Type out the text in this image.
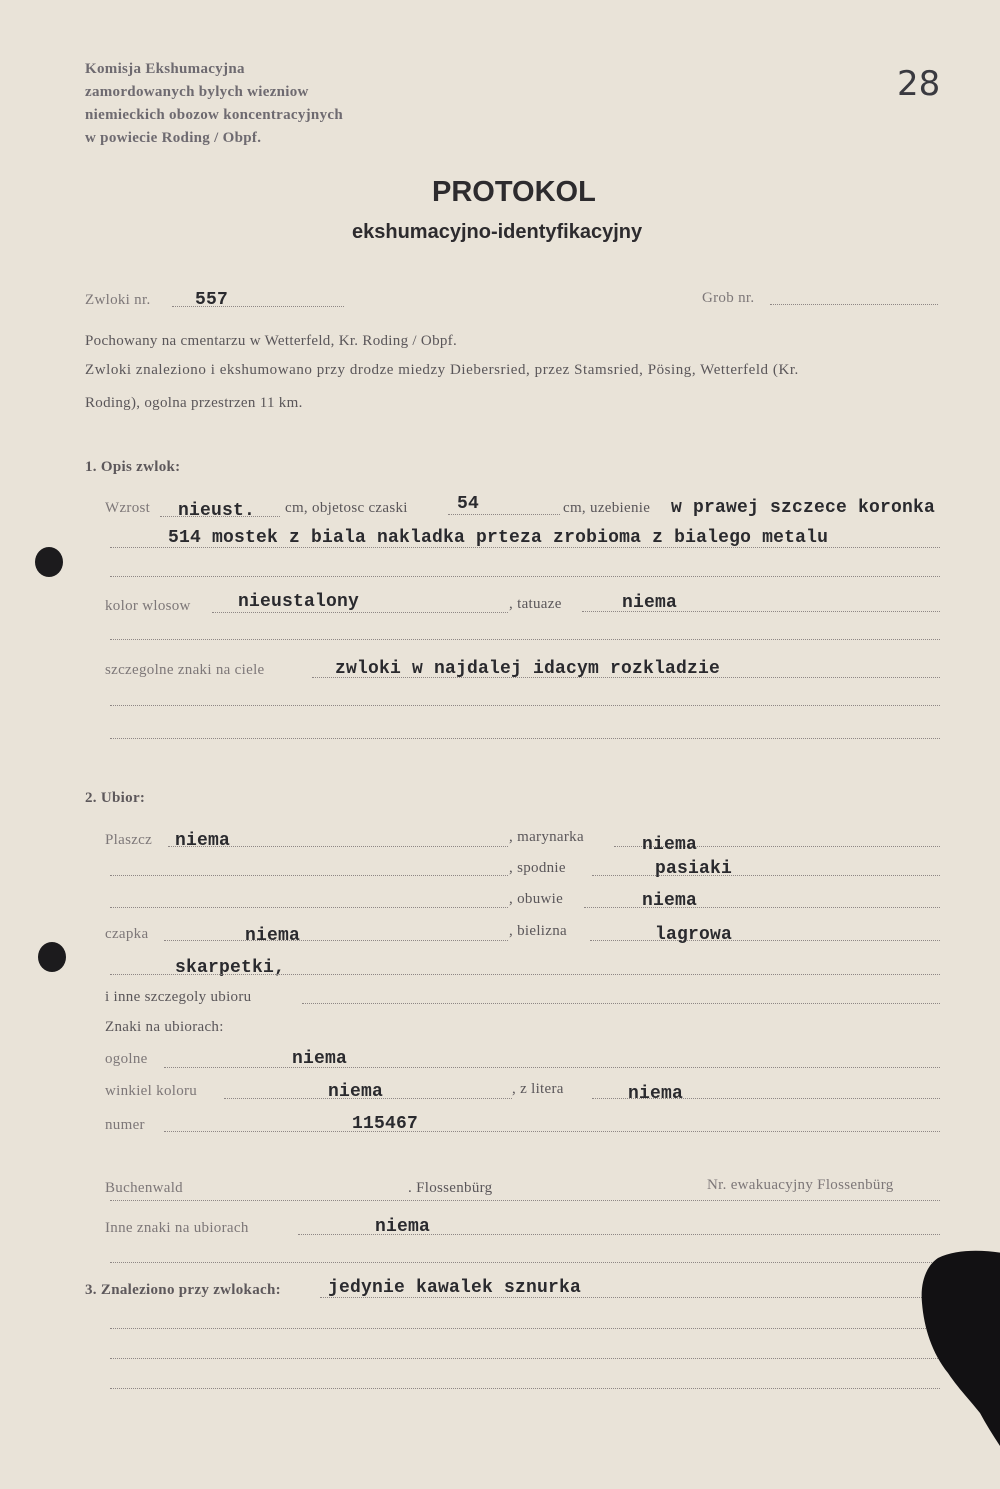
Komisja Ekshumacyjna
zamordowanych bylych wiezniow
niemieckich obozow koncentracyjnych
w powiecie Roding / Obpf.
28
PROTOKOL
ekshumacyjno-identyfikacyjny
Zwloki nr. 557	Grob nr.
Pochowany na cmentarzu w Wetterfeld, Kr. Roding / Obpf.
Zwloki znaleziono i ekshumowano przy drodze miedzy Diebersried, przez Stamsried, Pösing, Wetterfeld (Kr.
Roding), ogolna przestrzen 11 km.
1. Opis zwlok:
Wzrost nieust. cm, objetosc czaski	54	cm, uzebienie w prawej szczece koronka
514 mostek z biala nakladka prteza zrobioma z bialego metalu
kolor wlosow	nieustalony	, tatuaze	niema
szczegolne znaki na ciele	zwloki w najdalej idacym rozkladzie
2. Ubior:
Plaszcz niema	, marynarka	niema
, spodnie	pasiaki
, obuwie	niema
czapka	niema	, bielizna	lagrowa
skarpetki,
i inne szczegoly ubioru
Znaki na ubiorach:
ogolne	niema
winkiel koloru	niema	, z litera	niema
numer	115467
Buchenwald	. Flossenbürg	Nr. ewakuacyjny Flossenbürg
Inne znaki na ubiorach	niema
3. Znaleziono przy zwlokach:	jedynie kawalek sznurka
